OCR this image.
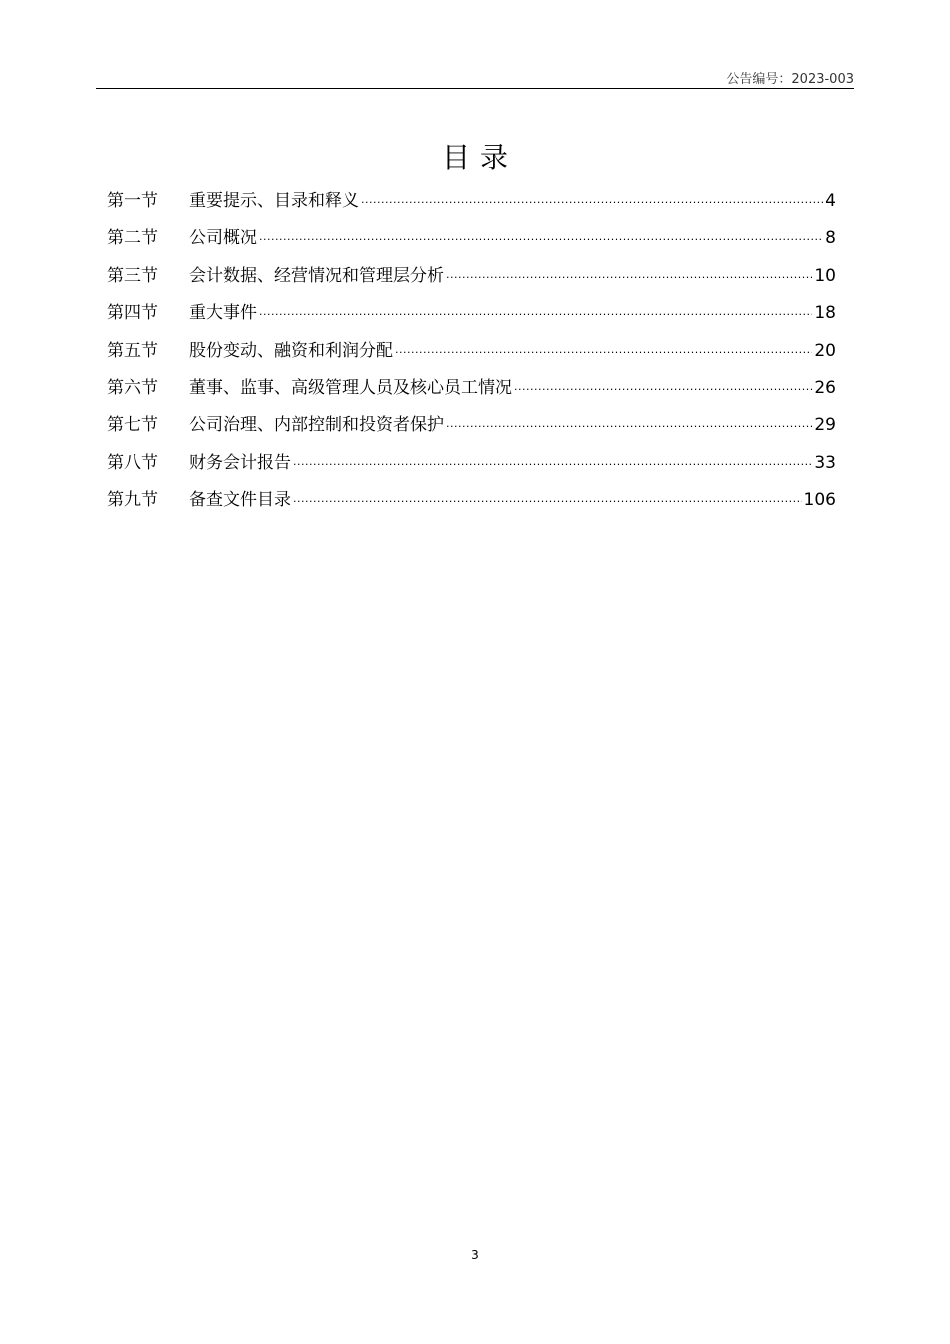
公告编号：2023-003
目录
第一节	重要提示、目录和释义 .....	4
第二节	公司概况 .....	8
第三节	会计数据、经营情况和管理层分析 .....	10
第四节	重大事件 .....	18
第五节	股份变动、融资和利润分配 .....	20
第六节	董事、监事、高级管理人员及核心员工情况 .....	26
第七节	公司治理、内部控制和投资者保护 .....	29
第八节	财务会计报告 .....	33
第九节	备查文件目录 .....	106
3
